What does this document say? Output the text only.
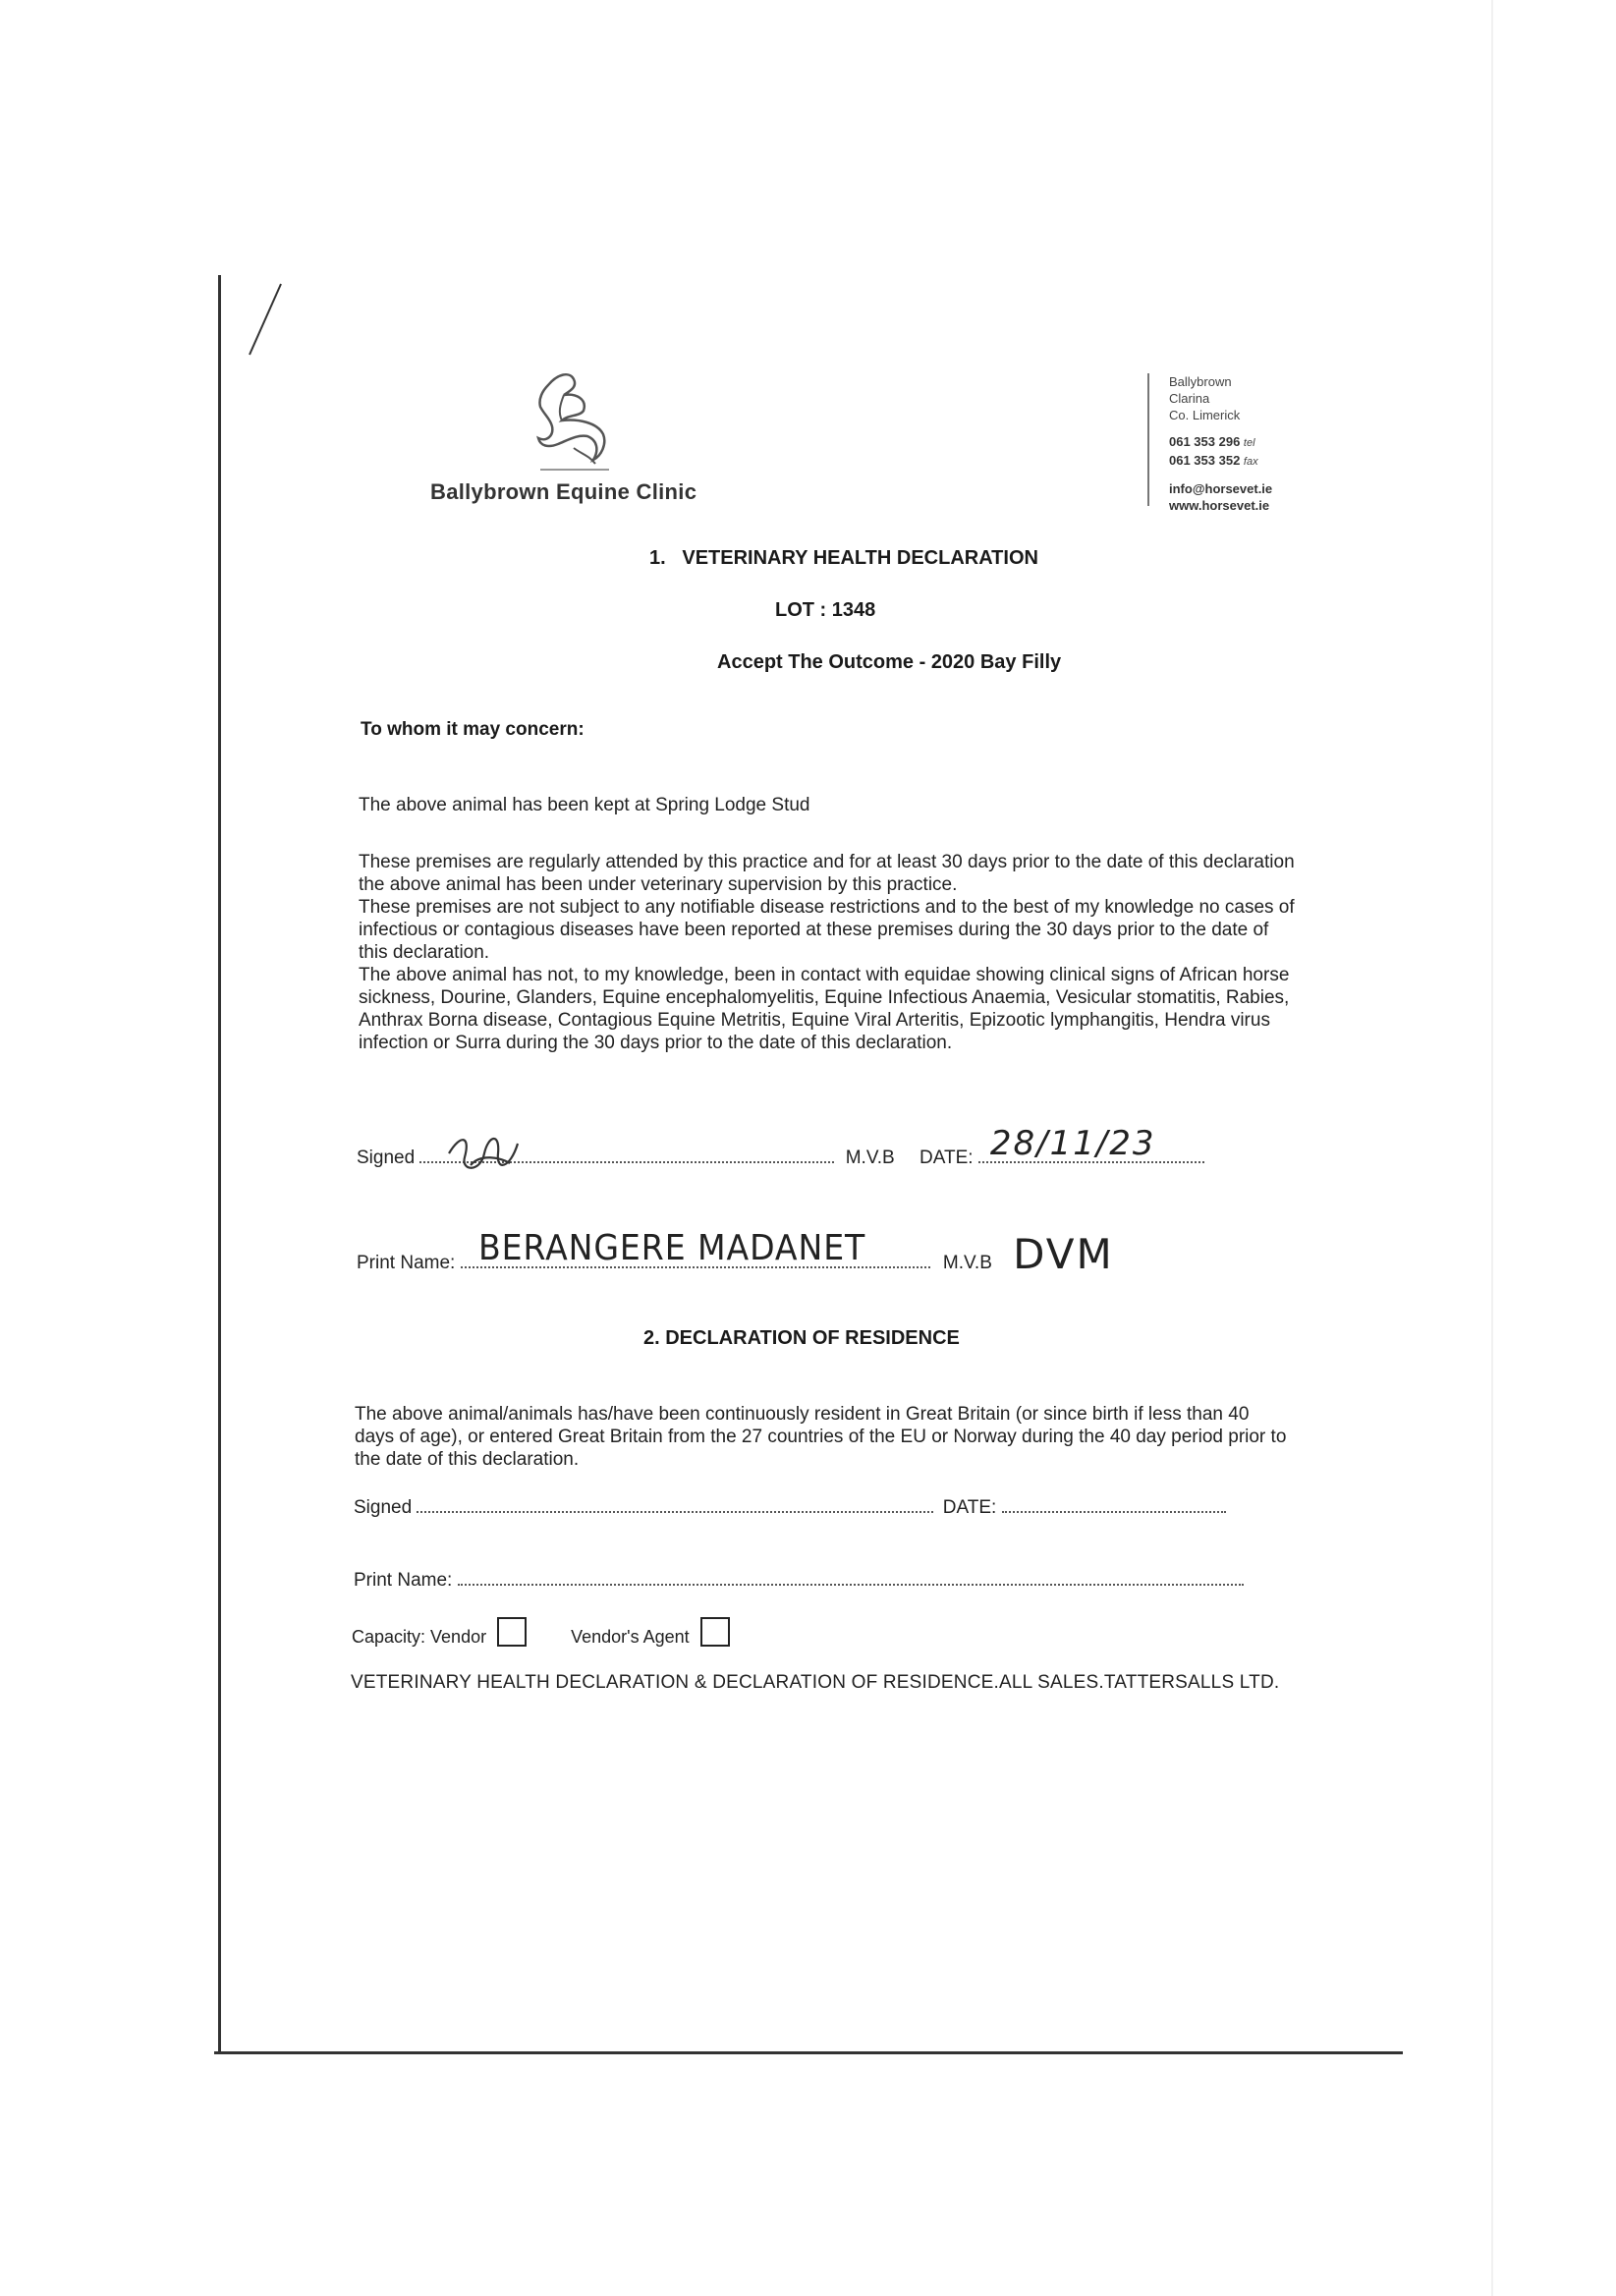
Ballybrown Equine Clinic
Ballybrown
Clarina
Co. Limerick
061 353 296 tel
061 353 352 fax
info@horsevet.ie
www.horsevet.ie
1.   VETERINARY HEALTH DECLARATION
LOT : 1348
Accept The Outcome - 2020 Bay Filly
To whom it may concern:
The above animal has been kept at Spring Lodge Stud

These premises are regularly attended by this practice and for at least 30 days prior to the date of this declaration the above animal has been under veterinary supervision by this practice.

These premises are not subject to any notifiable disease restrictions and to the best of my knowledge no cases of infectious or contagious diseases have been reported at these premises during the 30 days prior to the date of this declaration.

The above animal has not, to my knowledge, been in contact with equidae showing clinical signs of African horse sickness, Dourine, Glanders, Equine encephalomyelitis, Equine Infectious Anaemia, Vesicular stomatitis, Rabies, Anthrax Borna disease, Contagious Equine Metritis, Equine Viral Arteritis, Epizootic lymphangitis, Hendra virus infection or Surra during the 30 days prior to the date of this declaration.

Signed	M.V.B DATE: 28/11/23
Print Name: BERANGERE MADANET	M.V.B DVM
2. DECLARATION OF RESIDENCE
The above animal/animals has/have been continuously resident in Great Britain (or since birth if less than 40 days of age), or entered Great Britain from the 27 countries of the EU or Norway during the 40 day period prior to the date of this declaration.
Signed	DATE:
Print Name:
Capacity: Vendor	Vendor's Agent
VETERINARY HEALTH DECLARATION & DECLARATION OF RESIDENCE.ALL SALES.TATTERSALLS LTD.
